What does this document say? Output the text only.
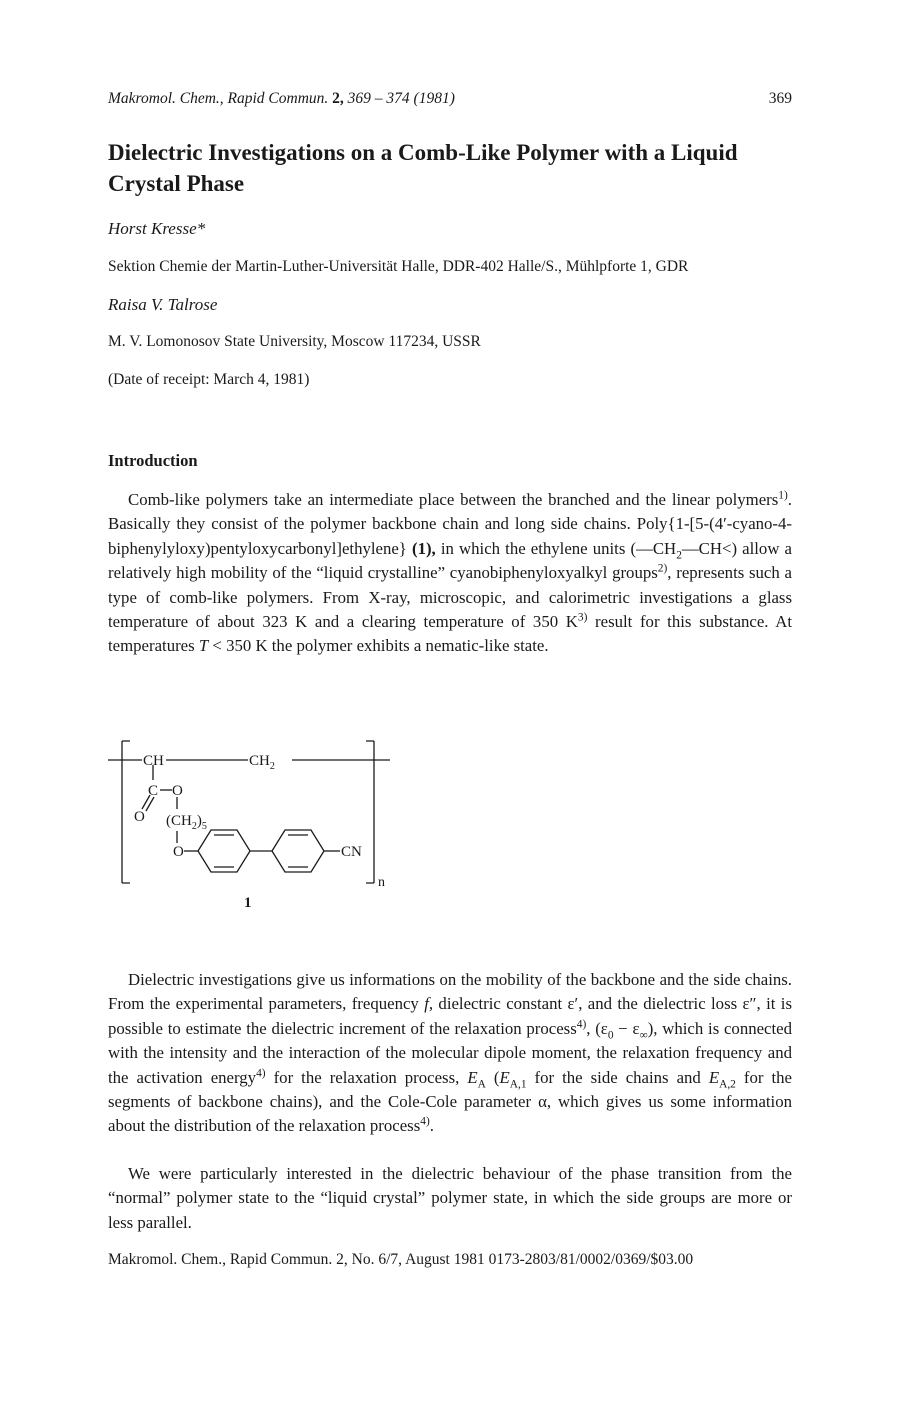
Makromol. Chem., Rapid Commun. 2, 369 – 374 (1981)	369
Dielectric Investigations on a Comb-Like Polymer with a Liquid Crystal Phase
Horst Kresse*
Sektion Chemie der Martin-Luther-Universität Halle, DDR-402 Halle/S., Mühlpforte 1, GDR
Raisa V. Talrose
M. V. Lomonosov State University, Moscow 117234, USSR
(Date of receipt: March 4, 1981)
Introduction

Comb-like polymers take an intermediate place between the branched and the linear polymers$^{1)}$. Basically they consist of the polymer backbone chain and long side chains. Poly{1-[5-(4′-cyano-4-biphenylyloxy)pentyloxycarbonyl]ethylene} (1), in which the ethylene units $(—CH_2—CH<)$ allow a relatively high mobility of the “liquid crystalline” cyanobiphenyloxyalkyl groups$^{2)}$, represents such a type of comb-like polymers. From X-ray, microscopic, and calorimetric investigations a glass temperature of about 323 K and a clearing temperature of 350 $K^{3)}$ result for this substance. At temperatures T < 350 K the polymer exhibits a nematic-like state.

CH	$CH_2$
C O
O $(CH_2)_5$
O	CN
n
1

Dielectric investigations give us informations on the mobility of the backbone and the side chains. From the experimental parameters, frequency f, dielectric constant ε′, and the dielectric loss ε″, it is possible to estimate the dielectric increment of the relaxation process$^{4)}$, $(\varepsilon_0 - \varepsilon_\infty)$, which is connected with the intensity and the interaction of the molecular dipole moment, the relaxation frequency and the activation energy$^{4)}$ for the relaxation process, $E_A$ ($E_{A,1}$ for the side chains and $E_{A,2}$ for the segments of backbone chains), and the Cole-Cole parameter α, which gives us some information about the distribution of the relaxation process$^{4)}$.

We were particularly interested in the dielectric behaviour of the phase transition from the “normal” polymer state to the “liquid crystal” polymer state, in which the side groups are more or less parallel.

Makromol. Chem., Rapid Commun. 2, No. 6/7, August 1981 0173-2803/81/0002/0369/$03.00
